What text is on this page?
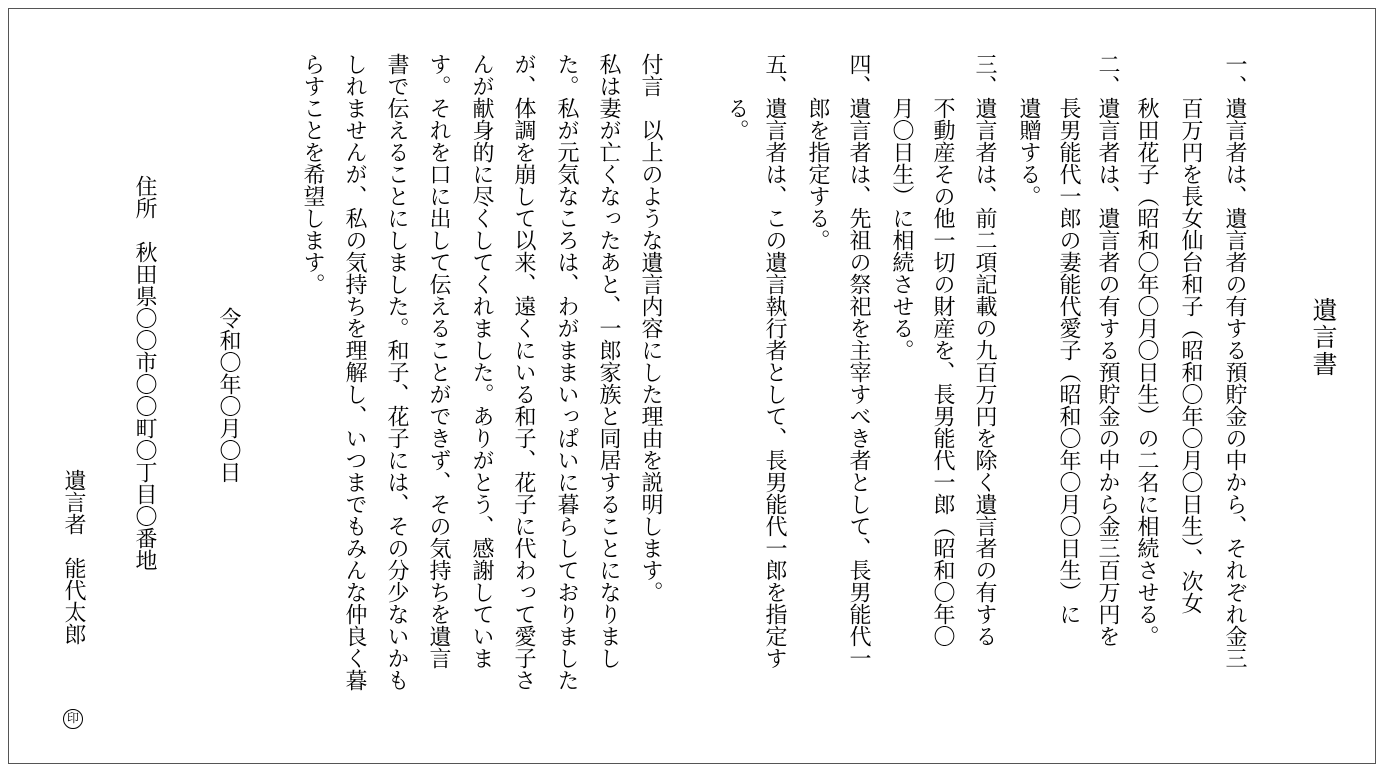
遺言書
一、遺言者は、遺言者の有する預貯金の中から、それぞれ金三
百万円を長女仙台和子（昭和〇年〇月〇日生）、次女
秋田花子（昭和〇年〇月〇日生）の二名に相続させる。
二、遺言者は、遺言者の有する預貯金の中から金三百万円を
長男能代一郎の妻能代愛子（昭和〇年〇月〇日生）に
遺贈する。
三、遺言者は、前二項記載の九百万円を除く遺言者の有する
不動産その他一切の財産を、長男能代一郎（昭和〇年〇
月〇日生）に相続させる。
四、遺言者は、先祖の祭祀を主宰すべき者として、長男能代一
郎を指定する。
五、遺言者は、この遺言執行者として、長男能代一郎を指定す
る。
付言　以上のような遺言内容にした理由を説明します。
私は妻が亡くなったあと、一郎家族と同居することになりまし
た。私が元気なころは、わがままいっぱいに暮らしておりました
が、体調を崩して以来、遠くにいる和子、花子に代わって愛子さ
んが献身的に尽くしてくれました。ありがとう、感謝していま
す。それを口に出して伝えることができず、その気持ちを遺言
書で伝えることにしました。和子、花子には、その分少ないかも
しれませんが、私の気持ちを理解し、いつまでもみんな仲良く暮
らすことを希望します。
令和〇年〇月〇日
住所秋田県〇〇市〇〇町〇丁目〇番地
遺言者能代太郎
印
